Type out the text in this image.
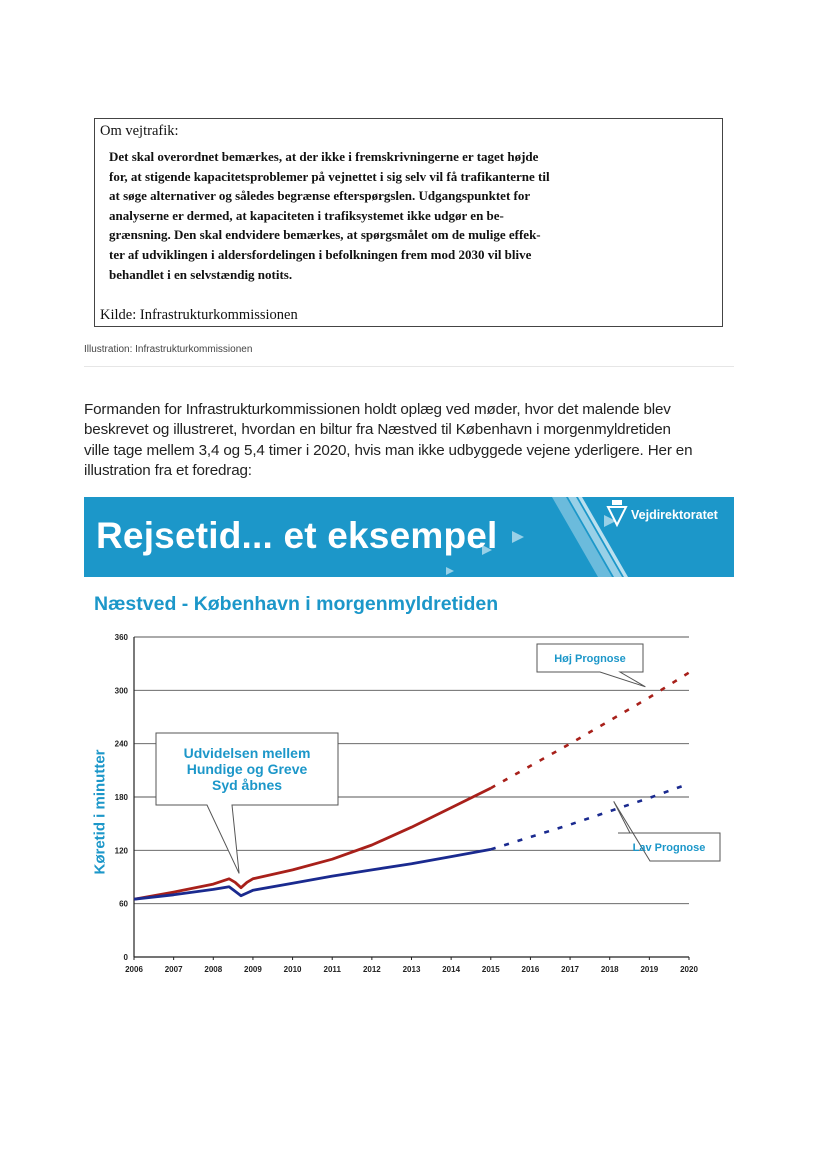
Om vejtrafik:
Det skal overordnet bemærkes, at der ikke i fremskrivningerne er taget højde
for, at stigende kapacitetsproblemer på vejnettet i sig selv vil få trafikanterne til
at søge alternativer og således begrænse efterspørgslen. Udgangspunktet for
analyserne er dermed, at kapaciteten i trafiksystemet ikke udgør en be-
grænsning. Den skal endvidere bemærkes, at spørgsmålet om de mulige effek-
ter af udviklingen i aldersfordelingen i befolkningen frem mod 2030 vil blive
behandlet i en selvstændig notits.
Kilde: Infrastrukturkommissionen
Illustration: Infrastrukturkommissionen
Formanden for Infrastrukturkommissionen holdt oplæg ved møder, hvor det malende blev
beskrevet og illustreret, hvordan en biltur fra Næstved til København i morgenmyldretiden
ville tage mellem 3,4 og 5,4 timer i 2020, hvis man ikke udbyggede vejene yderligere. Her en
illustration fra et foredrag:
Rejsetid... et eksempel	Vejdirektoratet
Næstved - København i morgenmyldretiden
Køretid i minutter
0
60
120
180
240
300
360
2006	2007	2008	2009	2010	2011	2012	2013	2014	2015	2016	2017	2018	2019	2020
Udvidelsen mellem
Hundige og Greve
Syd åbnes
Høj Prognose
Lav Prognose
